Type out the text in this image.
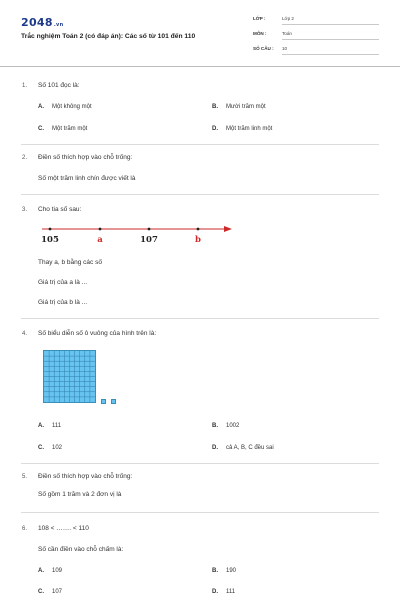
2048.vn
Trắc nghiệm Toán 2 (có đáp án): Các số từ 101 đến 110
LỚP :	Lớp 2
MÔN :	Toán
SỐ CÂU : 10
1. Số 101 đọc là:
A. Một không một	B. Mười trăm một
C. Một trăm một	D. Một trăm linh một
2. Điền số thích hợp vào chỗ trống:
Số một trăm linh chín được viết là
3. Cho tia số sau:
105	a	107	b
Thay a, b bằng các số
Giá trị của a là ...
Giá trị của b là ...
4. Số biểu diễn số ô vuông của hình trên là:
A. 111	B. 1002
C. 102	D. cả A, B, C đều sai
5. Điền số thích hợp vào chỗ trống:
Số gồm 1 trăm và 2 đơn vị là
6. 108 < ……. < 110
Số cần điền vào chỗ chấm là:
A. 109	B. 190
C. 107	D. 111
